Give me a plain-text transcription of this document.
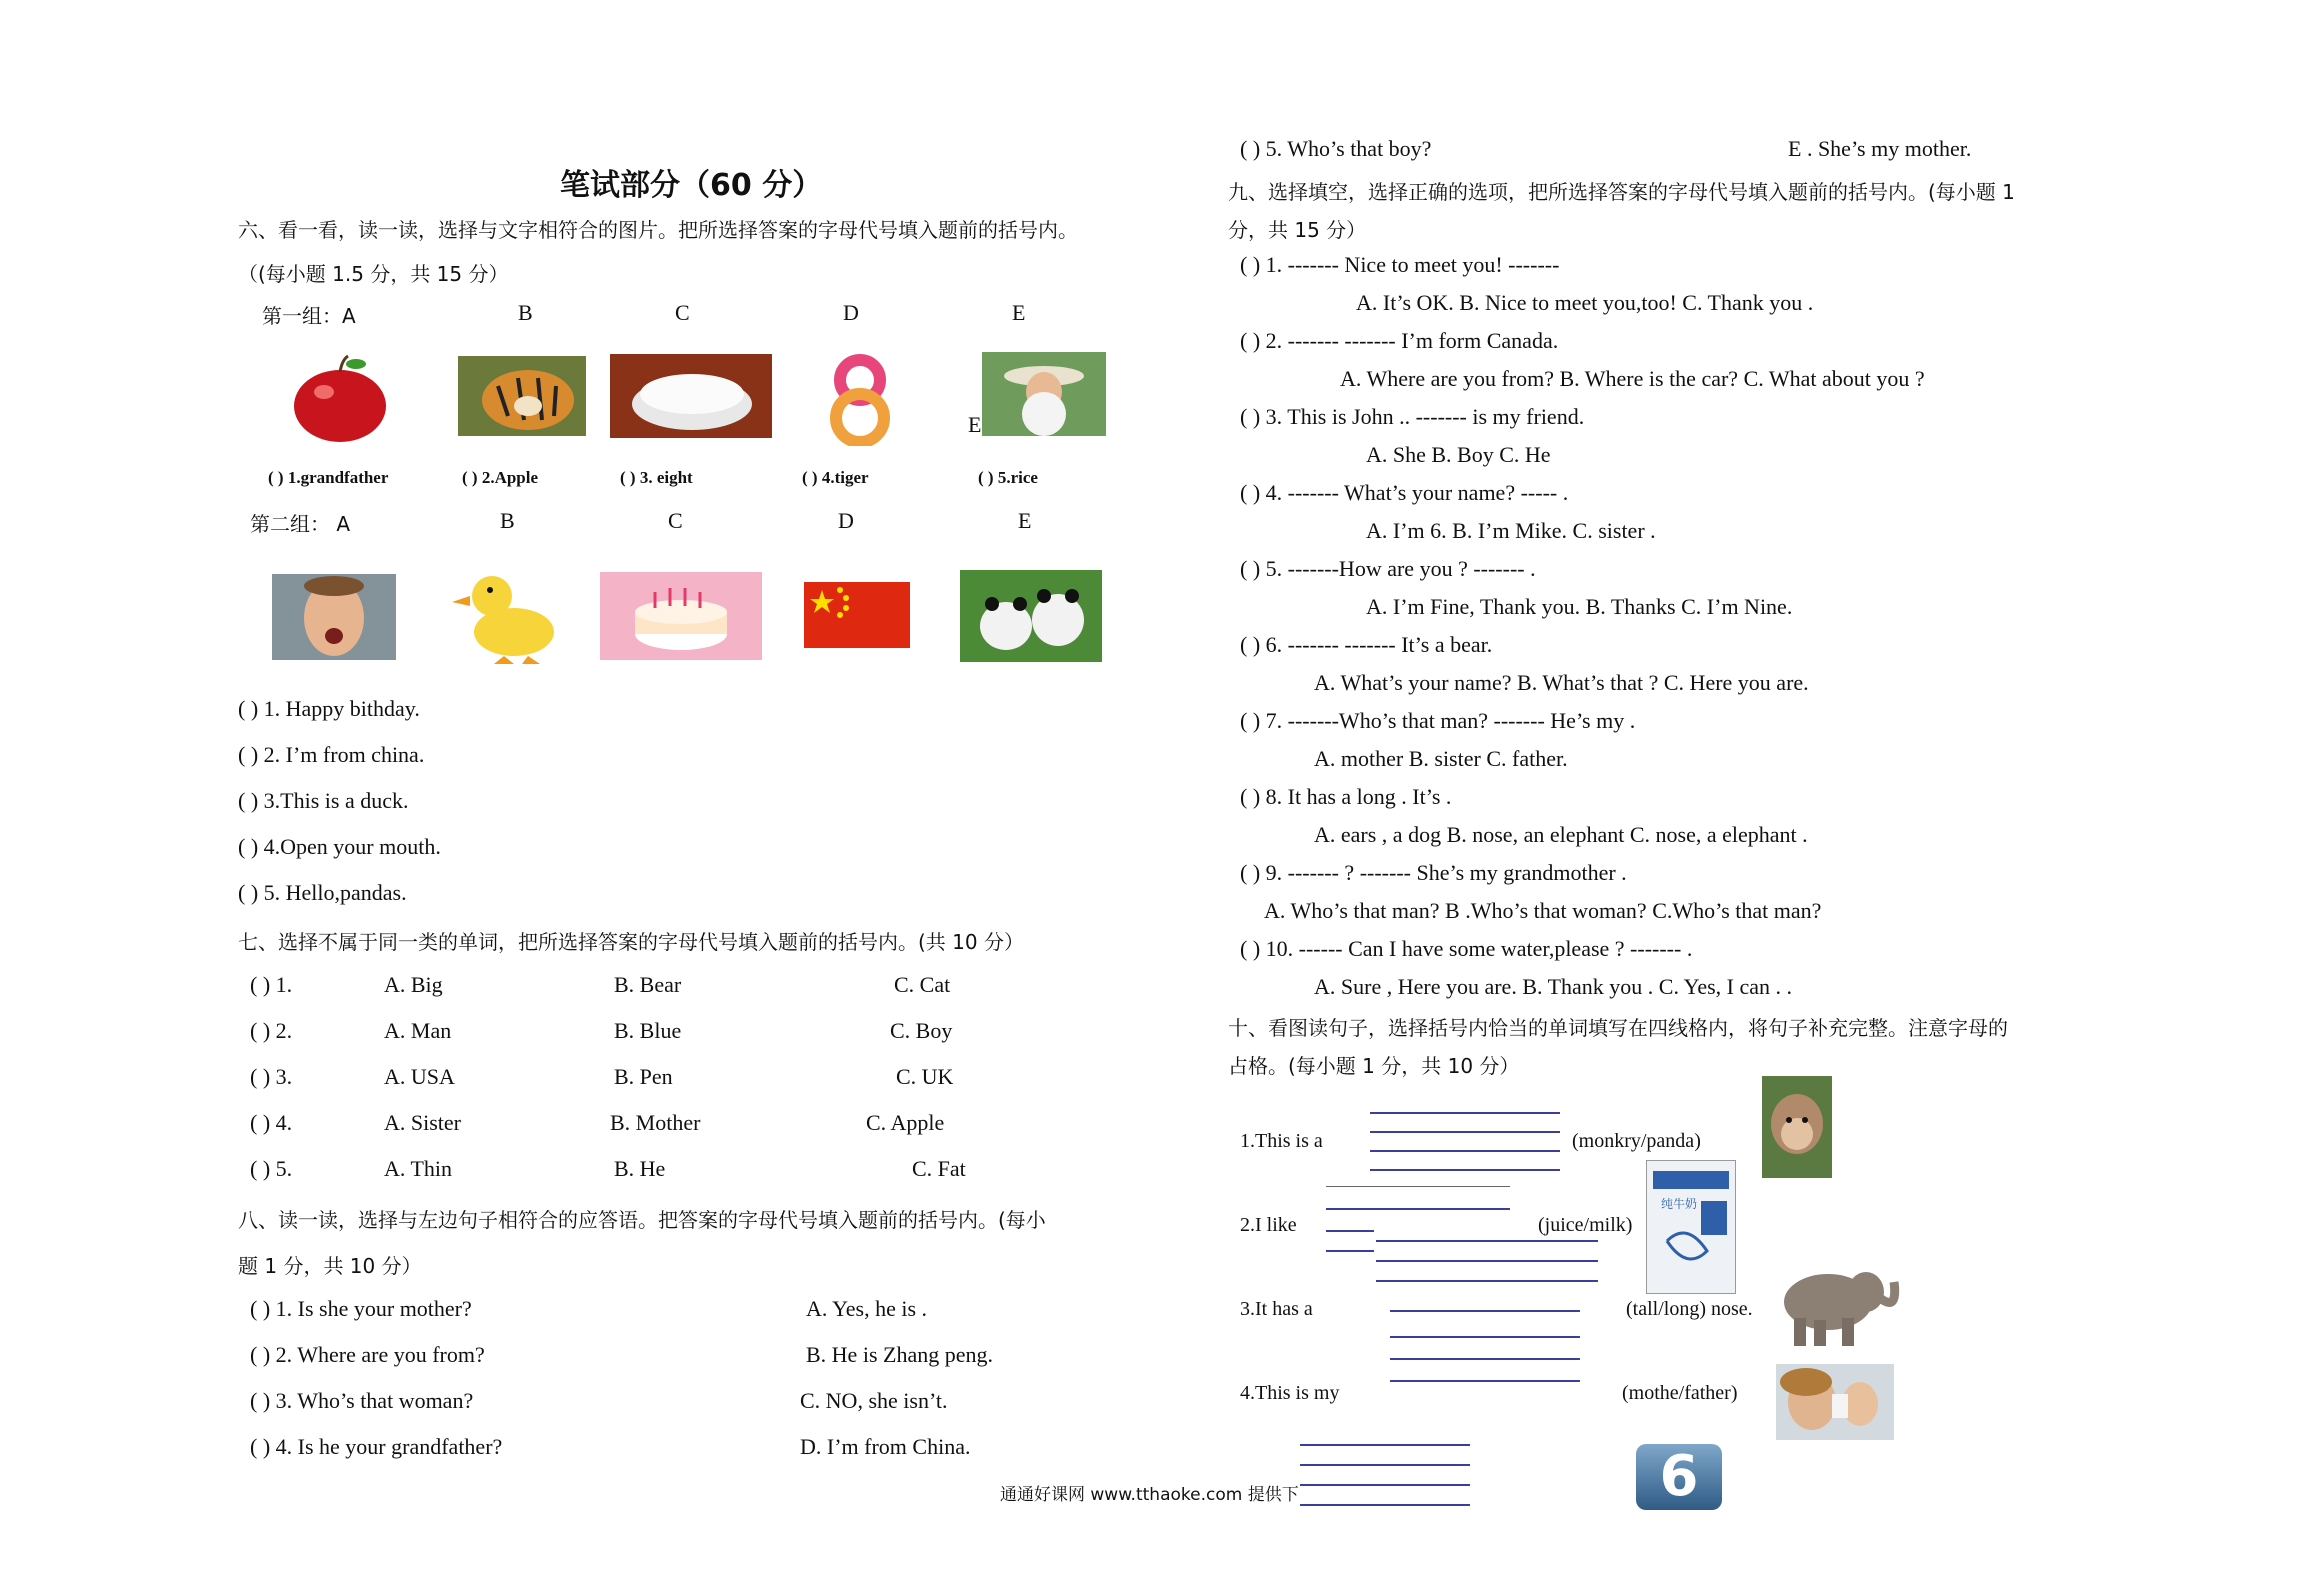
笔试部分（60 分）
六、看一看，读一读，选择与文字相符合的图片。把所选择答案的字母代号填入题前的括号内。
（(每小题 1.5 分，共 15 分）
第一组：A	B	C	D	E
E
( ) 1.grandfather	( ) 2.Apple	( ) 3. eight	( ) 4.tiger	( ) 5.rice
第二组： A	B	C	D	E
( ) 1. Happy bithday.
( ) 2. I’m from china.
( ) 3.This is a duck.
( ) 4.Open your mouth.
( ) 5. Hello,pandas.
七、选择不属于同一类的单词，把所选择答案的字母代号填入题前的括号内。(共 10 分）
( ) 1.	A. Big	B. Bear	C. Cat
( ) 2.	A. Man	B. Blue	C. Boy
( ) 3.	A. USA	B. Pen	C. UK
( ) 4.	A. Sister	B. Mother	C. Apple
( ) 5.	A. Thin	B. He	C. Fat
八、读一读，选择与左边句子相符合的应答语。把答案的字母代号填入题前的括号内。(每小
题 1 分，共 10 分）
( ) 1. Is she your mother?	A. Yes, he is .
( ) 2. Where are you from?	B. He is Zhang peng.
( ) 3. Who’s that woman?	C. NO, she isn’t.
( ) 4. Is he your grandfather?	D. I’m from China.
通通好课网 www.tthaoke.com 提供下	6
( ) 5. Who’s that boy?	E . She’s my mother.
九、选择填空，选择正确的选项，把所选择答案的字母代号填入题前的括号内。(每小题 1
分，共 15 分）
( ) 1. ------- Nice to meet you! -------
A. It’s OK. B. Nice to meet you,too! C. Thank you .
( ) 2. ------- ------- I’m form Canada.
A. Where are you from? B. Where is the car? C. What about you ?
( ) 3. This is John .. ------- is my friend.
A. She B. Boy C. He
( ) 4. ------- What’s your name? ----- .
A. I’m 6. B. I’m Mike. C. sister .
( ) 5. -------How are you ? ------- .
A. I’m Fine, Thank you. B. Thanks C. I’m Nine.
( ) 6. ------- ------- It’s a bear.
A. What’s your name? B. What’s that ? C. Here you are.
( ) 7. -------Who’s that man? ------- He’s my .
A. mother B. sister C. father.
( ) 8. It has a long . It’s .
A. ears , a dog B. nose, an elephant C. nose, a elephant .
( ) 9. ------- ? ------- She’s my grandmother .
A. Who’s that man? B .Who’s that woman? C.Who’s that man?
( ) 10. ------ Can I have some water,please ? ------- .
A. Sure , Here you are. B. Thank you . C. Yes, I can . .
十、看图读句子，选择括号内恰当的单词填写在四线格内，将句子补充完整。注意字母的
占格。(每小题 1 分，共 10 分）
1.This is a	(monkry/panda)
2.I like	(juice/milk)
纯牛奶
3.It has a	(tall/long) nose.
4.This is my	(mothe/father)
